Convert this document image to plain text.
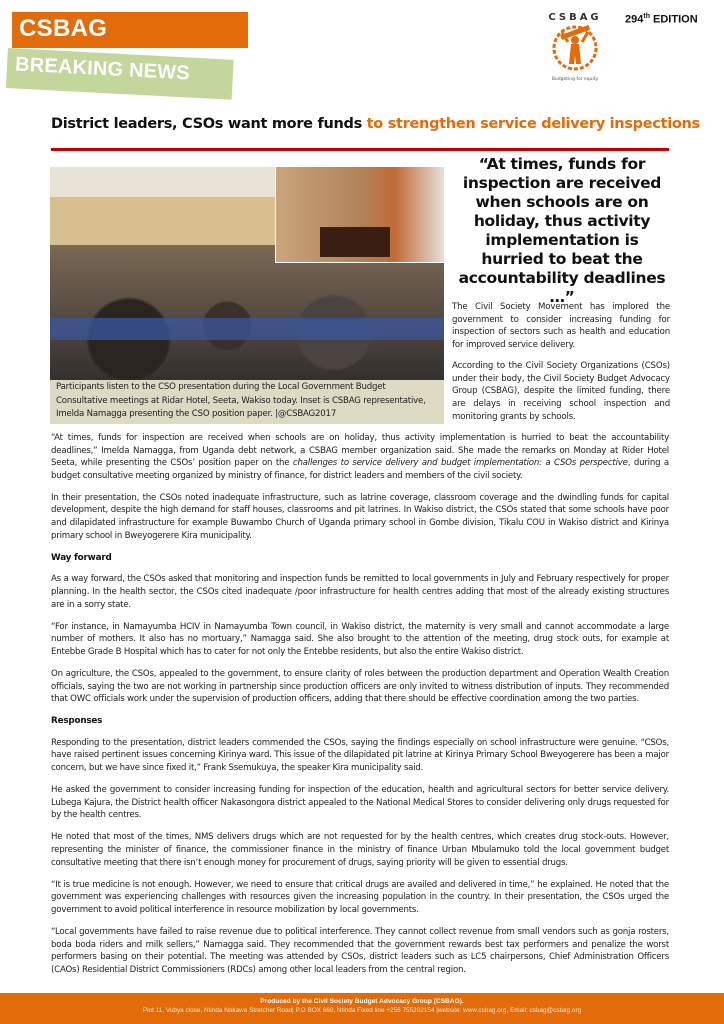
CSBAG
BREAKING NEWS
CSBAG
Budgeting for equity
294th EDITION
District leaders, CSOs want more funds to strengthen service delivery inspections
Participants listen to the CSO presentation during the Local Government Budget Consultative meetings at Ridar Hotel, Seeta, Wakiso today. Inset is CSBAG representative, Imelda Namagga presenting the CSO position paper. |@CSBAG2017
“At times, funds for inspection are received when schools are on holiday, thus activity implementation is hurried to beat the accountability deadlines …”

The Civil Society Movement has implored the government to consider increasing funding for inspection of sectors such as health and education for improved service delivery.

According to the Civil Society Organizations (CSOs) under their body, the Civil Society Budget Advocacy Group (CSBAG), despite the limited funding, there are delays in receiving school inspection and monitoring grants by schools.

“At times, funds for inspection are received when schools are on holiday, thus activity implementation is hurried to beat the accountability deadlines,” Imelda Namagga, from Uganda debt network, a CSBAG member organization said. She made the remarks on Monday at Rider Hotel Seeta, while presenting the CSOs’ position paper on the challenges to service delivery and budget implementation: a CSOs perspective, during a budget consultative meeting organized by ministry of finance, for district leaders and members of the civil society.

In their presentation, the CSOs noted inadequate infrastructure, such as latrine coverage, classroom coverage and the dwindling funds for capital development, despite the high demand for staff houses, classrooms and pit latrines. In Wakiso district, the CSOs stated that some schools have poor and dilapidated infrastructure for example Buwambo Church of Uganda primary school in Gombe division, Tikalu COU in Wakiso district and Kirinya primary school in Bweyogerere Kira municipality.

Way forward

As a way forward, the CSOs asked that monitoring and inspection funds be remitted to local governments in July and February respectively for proper planning. In the health sector, the CSOs cited inadequate /poor infrastructure for health centres adding that most of the already existing structures are in a sorry state.

“For instance, in Namayumba HCIV in Namayumba Town council, in Wakiso district, the maternity is very small and cannot accommodate a large number of mothers. It also has no mortuary,” Namagga said. She also brought to the attention of the meeting, drug stock outs, for example at Entebbe Grade B Hospital which has to cater for not only the Entebbe residents, but also the entire Wakiso district.

On agriculture, the CSOs, appealed to the government, to ensure clarity of roles between the production department and Operation Wealth Creation officials, saying the two are not working in partnership since production officers are only invited to witness distribution of inputs. They recommended that OWC officials work under the supervision of production officers, adding that there should be effective coordination among the two parties.

Responses

Responding to the presentation, district leaders commended the CSOs, saying the findings especially on school infrastructure were genuine. “CSOs, have raised pertinent issues concerning Kirinya ward. This issue of the dilapidated pit latrine at Kirinya Primary School Bweyogerere has been a major concern, but we have since fixed it,” Frank Ssemukuya, the speaker Kira municipality said.

He asked the government to consider increasing funding for inspection of the education, health and agricultural sectors for better service delivery. Lubega Kajura, the District health officer Nakasongora district appealed to the National Medical Stores to consider delivering only drugs requested for by the health centres.

He noted that most of the times, NMS delivers drugs which are not requested for by the health centres, which creates drug stock-outs. However, representing the minister of finance, the commissioner finance in the ministry of finance Urban Mbulamuko told the local government budget consultative meeting that there isn’t enough money for procurement of drugs, saying priority will be given to essential drugs.

“It is true medicine is not enough. However, we need to ensure that critical drugs are availed and delivered in time,” he explained. He noted that the government was experiencing challenges with resources given the increasing population in the country. In their presentation, the CSOs urged the government to avoid political interference in resource mobilization by local governments.

“Local governments have failed to raise revenue due to political interference. They cannot collect revenue from small vendors such as gonja rosters, boda boda riders and milk sellers,” Namagga said. They recommended that the government rewards best tax performers and penalize the worst performers basing on their potential. The meeting was attended by CSOs, district leaders such as LC5 chairpersons, Chief Administration Officers (CAOs) Residential District Commissioners (RDCs) among other local leaders from the central region.

Produced by the Civil Society Budget Advocacy Group (CSBAG).
Plot 11, Vubya close, Ntinda Nakawa Stretcher Road| P.O BOX 660, Ntinda Fixed line +256 755202154 |website: www.csbag.org, Email: csbag@csbag.org
